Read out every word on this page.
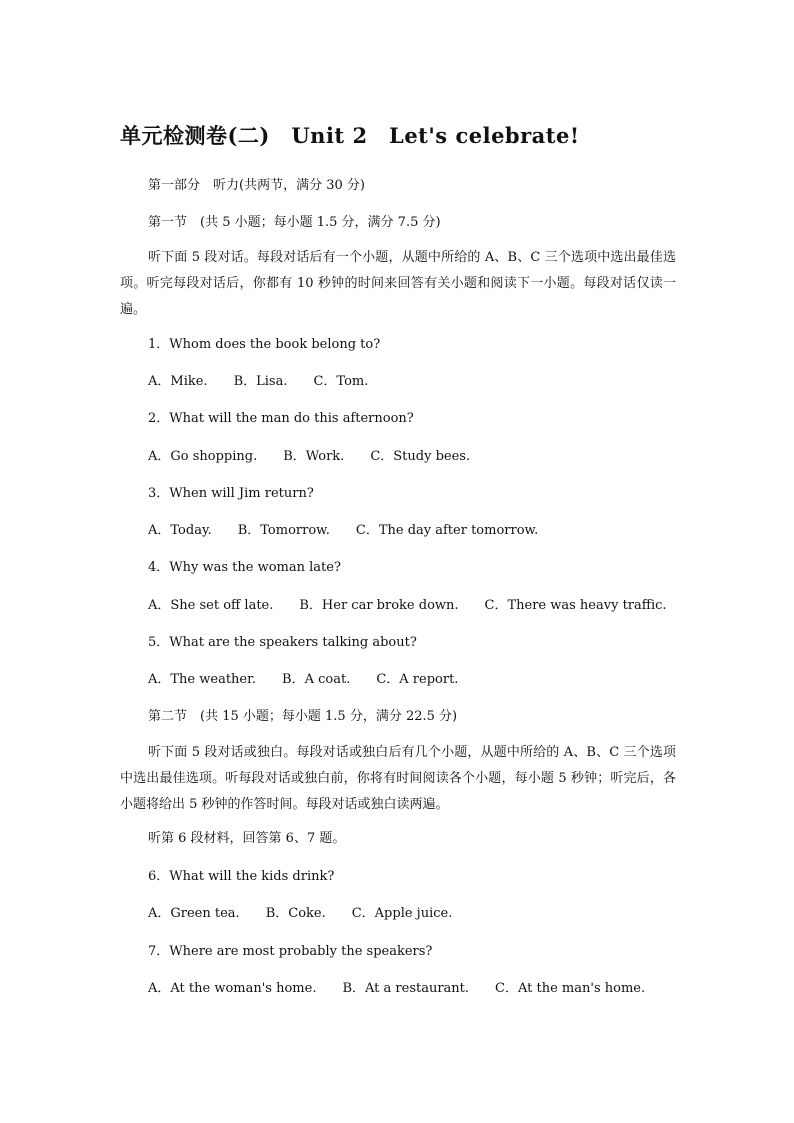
单元检测卷(二)　Unit 2　Let's celebrate!
第一部分　听力(共两节，满分 30 分)
第一节　(共 5 小题；每小题 1.5 分，满分 7.5 分)
听下面 5 段对话。每段对话后有一个小题，从题中所给的 A、B、C 三个选项中选出最佳选项。听完每段对话后，你都有 10 秒钟的时间来回答有关小题和阅读下一小题。每段对话仅读一遍。
1．Whom does the book belong to?
A．Mike. B．Lisa. C．Tom.
2．What will the man do this afternoon?
A．Go shopping. B．Work. C．Study bees.
3．When will Jim return?
A．Today. B．Tomorrow. C．The day after tomorrow.
4．Why was the woman late?
A．She set off late. B．Her car broke down. C．There was heavy traffic.
5．What are the speakers talking about?
A．The weather. B．A coat. C．A report.
第二节　(共 15 小题；每小题 1.5 分，满分 22.5 分)
听下面 5 段对话或独白。每段对话或独白后有几个小题，从题中所给的 A、B、C 三个选项中选出最佳选项。听每段对话或独白前，你将有时间阅读各个小题，每小题 5 秒钟；听完后，各小题将给出 5 秒钟的作答时间。每段对话或独白读两遍。
听第 6 段材料，回答第 6、7 题。
6．What will the kids drink?
A．Green tea. B．Coke. C．Apple juice.
7．Where are most probably the speakers?
A．At the woman's home. B．At a restaurant. C．At the man's home.
